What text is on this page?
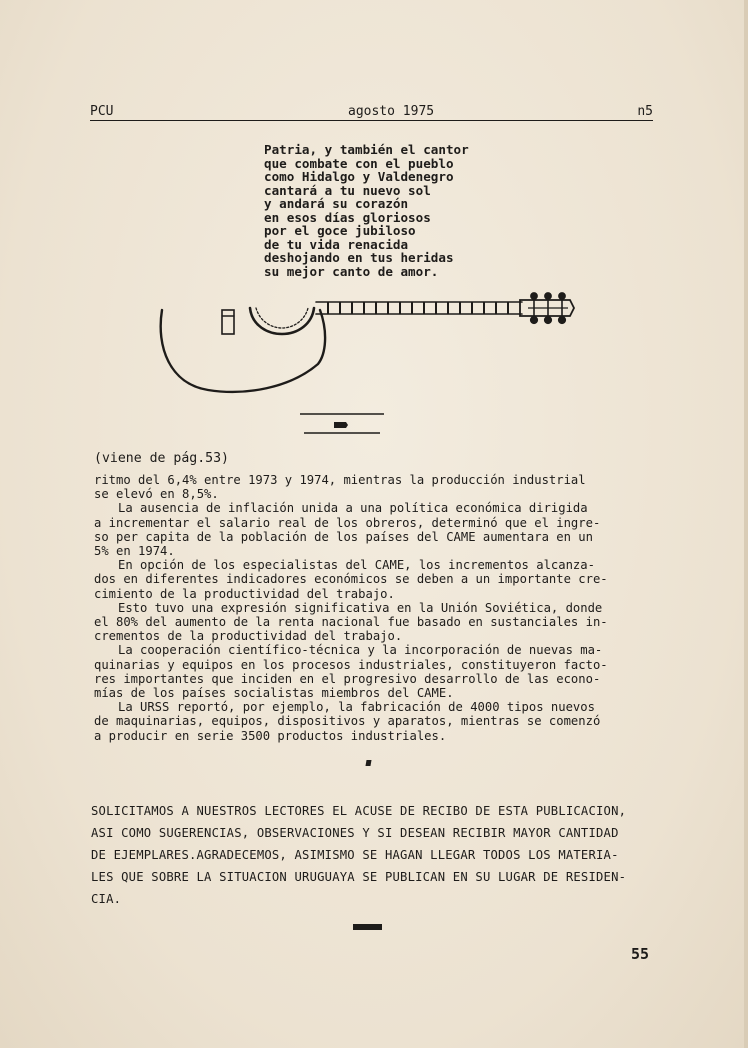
PCU	agosto 1975	n5
Patria, y también el cantor
que combate con el pueblo
como Hidalgo y Valdenegro
cantará a tu nuevo sol
y andará su corazón
en esos días gloriosos
por el goce jubiloso
de tu vida renacida
deshojando en tus heridas
su mejor canto de amor.
(viene de pág.53)
ritmo del 6,4% entre 1973 y 1974, mientras la producción industrial
se elevó en 8,5%.
La ausencia de inflación unida a una política económica dirigida
a incrementar el salario real de los obreros, determinó que el ingre-
so per capita de la población de los países del CAME aumentara en un
5% en 1974.
En opción de los especialistas del CAME, los incrementos alcanza-
dos en diferentes indicadores económicos se deben a un importante cre-
cimiento de la productividad del trabajo.
Esto tuvo una expresión significativa en la Unión Soviética, donde
el 80% del aumento de la renta nacional fue basado en sustanciales in-
crementos de la productividad del trabajo.
La cooperación científico-técnica y la incorporación de nuevas ma-
quinarias y equipos en los procesos industriales, constituyeron facto-
res importantes que inciden en el progresivo desarrollo de las econo-
mías de los países socialistas miembros del CAME.
La URSS reportó, por ejemplo, la fabricación de 4000 tipos nuevos
de maquinarias, equipos, dispositivos y aparatos, mientras se comenzó
a producir en serie 3500 productos industriales.
SOLICITAMOS A NUESTROS LECTORES EL ACUSE DE RECIBO DE ESTA PUBLICACION,
ASI COMO SUGERENCIAS, OBSERVACIONES Y SI DESEAN RECIBIR MAYOR CANTIDAD
DE EJEMPLARES.AGRADECEMOS, ASIMISMO SE HAGAN LLEGAR TODOS LOS MATERIA-
LES QUE SOBRE LA SITUACION URUGUAYA SE PUBLICAN EN SU LUGAR DE RESIDEN-
CIA.
55
